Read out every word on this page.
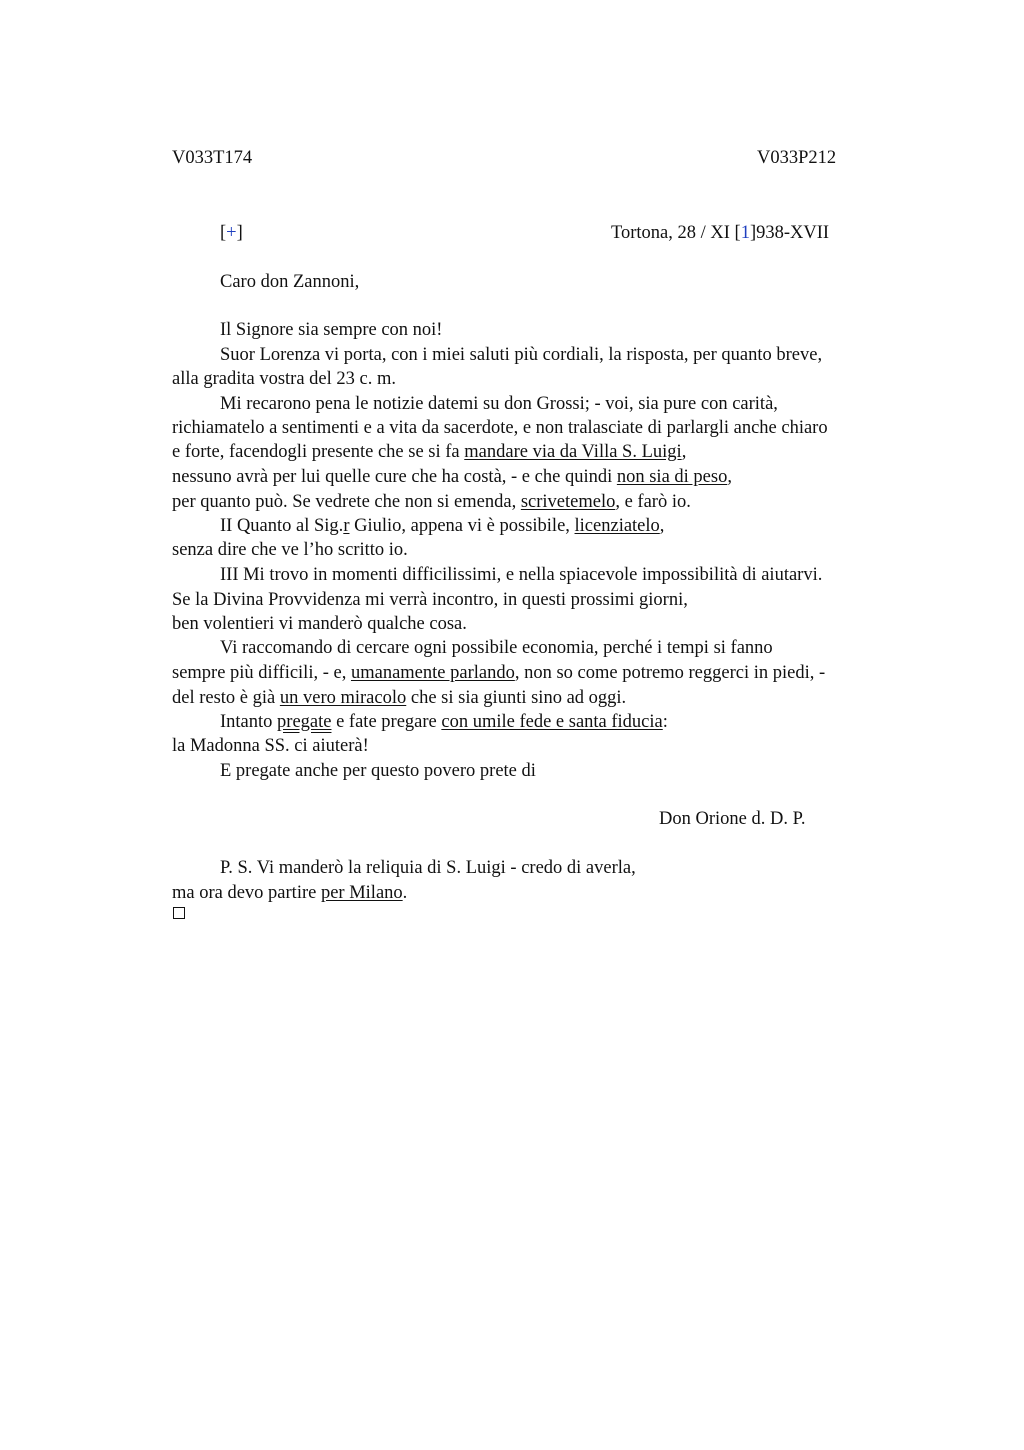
V033T174	V033P212
[+]	Tortona, 28 / XI [1]938-XVII
Caro don Zannoni,
Il Signore sia sempre con noi!
Suor Lorenza vi porta, con i miei saluti più cordiali, la risposta, per quanto breve,
alla gradita vostra del 23 c. m.
Mi recarono pena le notizie datemi su don Grossi; - voi, sia pure con carità,
richiamatelo a sentimenti e a vita da sacerdote, e non tralasciate di parlargli anche chiaro
e forte, facendogli presente che se si fa mandare via da Villa S. Luigi,
nessuno avrà per lui quelle cure che ha costà, - e che quindi non sia di peso,
per quanto può. Se vedrete che non si emenda, scrivetemelo, e farò io.
II Quanto al Sig.r Giulio, appena vi è possibile, licenziatelo,
senza dire che ve l’ho scritto io.
III Mi trovo in momenti difficilissimi, e nella spiacevole impossibilità di aiutarvi.
Se la Divina Provvidenza mi verrà incontro, in questi prossimi giorni,
ben volentieri vi manderò qualche cosa.
Vi raccomando di cercare ogni possibile economia, perché i tempi si fanno
sempre più difficili, - e, umanamente parlando, non so come potremo reggerci in piedi, -
del resto è già un vero miracolo che si sia giunti sino ad oggi.
Intanto pregate e fate pregare con umile fede e santa fiducia:
la Madonna SS. ci aiuterà!
E pregate anche per questo povero prete di
Don Orione d. D. P.
P. S. Vi manderò la reliquia di S. Luigi - credo di averla,
ma ora devo partire per Milano.
